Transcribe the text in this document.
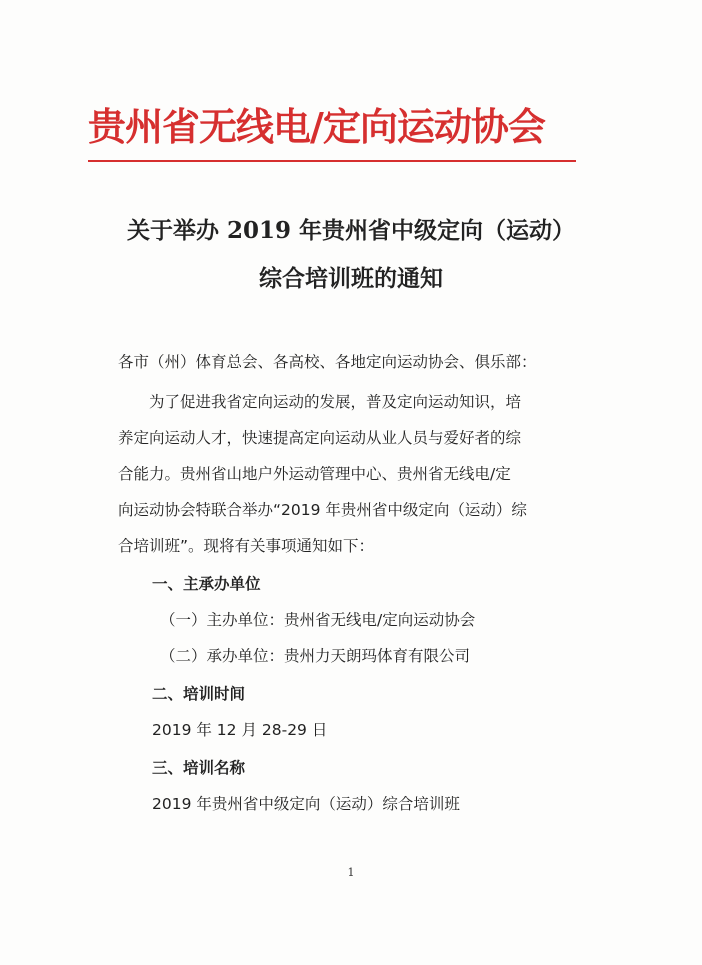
贵州省无线电/定向运动协会
关于举办 2019 年贵州省中级定向（运动）
综合培训班的通知
各市（州）体育总会、各高校、各地定向运动协会、俱乐部：
　　为了促进我省定向运动的发展，普及定向运动知识，培
养定向运动人才，快速提高定向运动从业人员与爱好者的综
合能力。贵州省山地户外运动管理中心、贵州省无线电/定
向运动协会特联合举办“2019 年贵州省中级定向（运动）综
合培训班”。现将有关事项通知如下：
一、主承办单位
（一）主办单位：贵州省无线电/定向运动协会
（二）承办单位：贵州力天朗玛体育有限公司
二、培训时间
2019 年 12 月 28-29 日
三、培训名称
2019 年贵州省中级定向（运动）综合培训班
1
